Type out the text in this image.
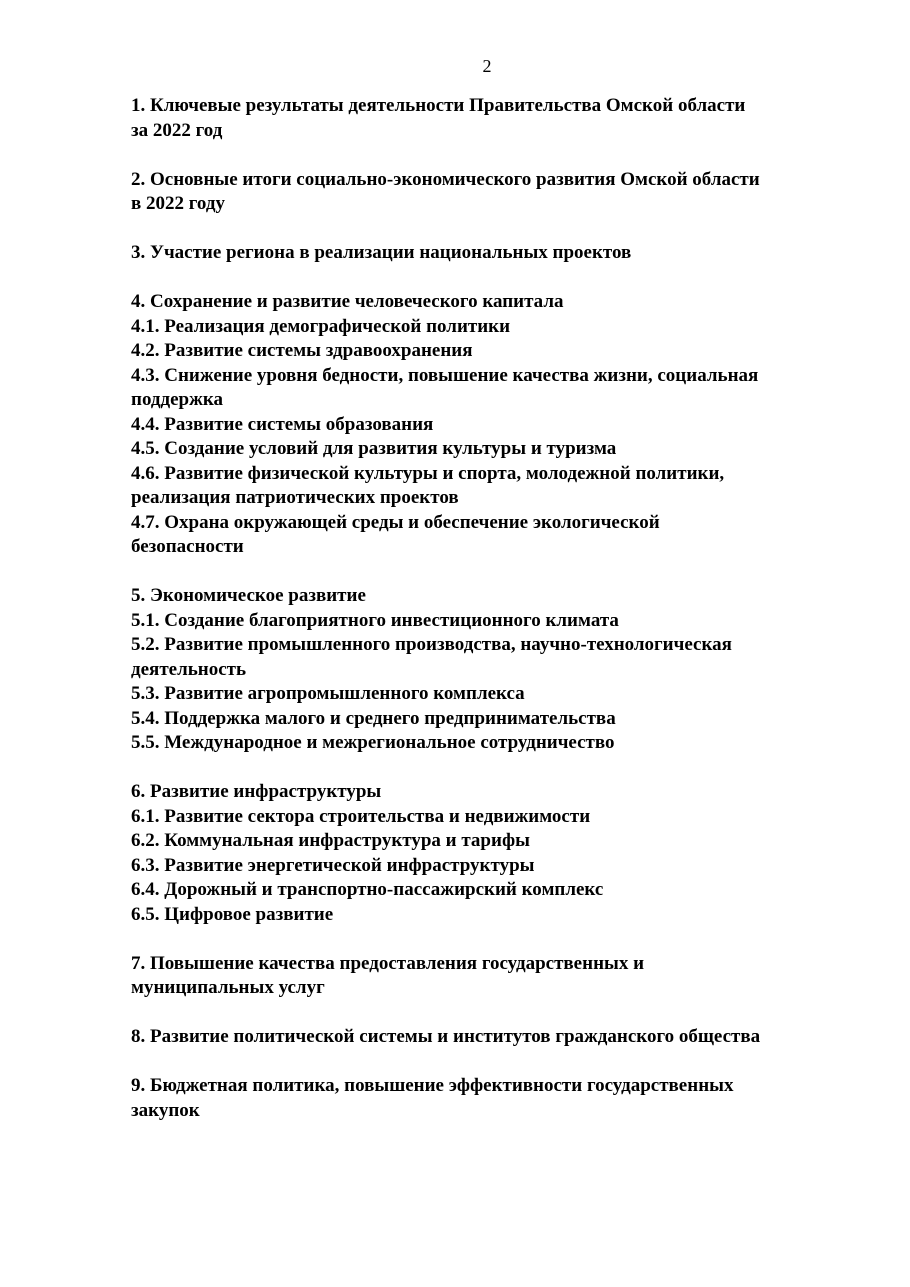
2
1. Ключевые результаты деятельности Правительства Омской области
за 2022 год
2. Основные итоги социально-экономического развития Омской области
в 2022 году
3. Участие региона в реализации национальных проектов
4. Сохранение и развитие человеческого капитала
4.1. Реализация демографической политики
4.2. Развитие системы здравоохранения
4.3. Снижение уровня бедности, повышение качества жизни, социальная
поддержка
4.4. Развитие системы образования
4.5. Создание условий для развития культуры и туризма
4.6. Развитие физической культуры и спорта, молодежной политики,
реализация патриотических проектов
4.7. Охрана окружающей среды и обеспечение экологической
безопасности
5. Экономическое развитие
5.1. Создание благоприятного инвестиционного климата
5.2. Развитие промышленного производства, научно-технологическая
деятельность
5.3. Развитие агропромышленного комплекса
5.4. Поддержка малого и среднего предпринимательства
5.5. Международное и межрегиональное сотрудничество
6. Развитие инфраструктуры
6.1. Развитие сектора строительства и недвижимости
6.2. Коммунальная инфраструктура и тарифы
6.3. Развитие энергетической инфраструктуры
6.4. Дорожный и транспортно-пассажирский комплекс
6.5. Цифровое развитие
7. Повышение качества предоставления государственных и
муниципальных услуг
8. Развитие политической системы и институтов гражданского общества
9. Бюджетная политика, повышение эффективности государственных
закупок
